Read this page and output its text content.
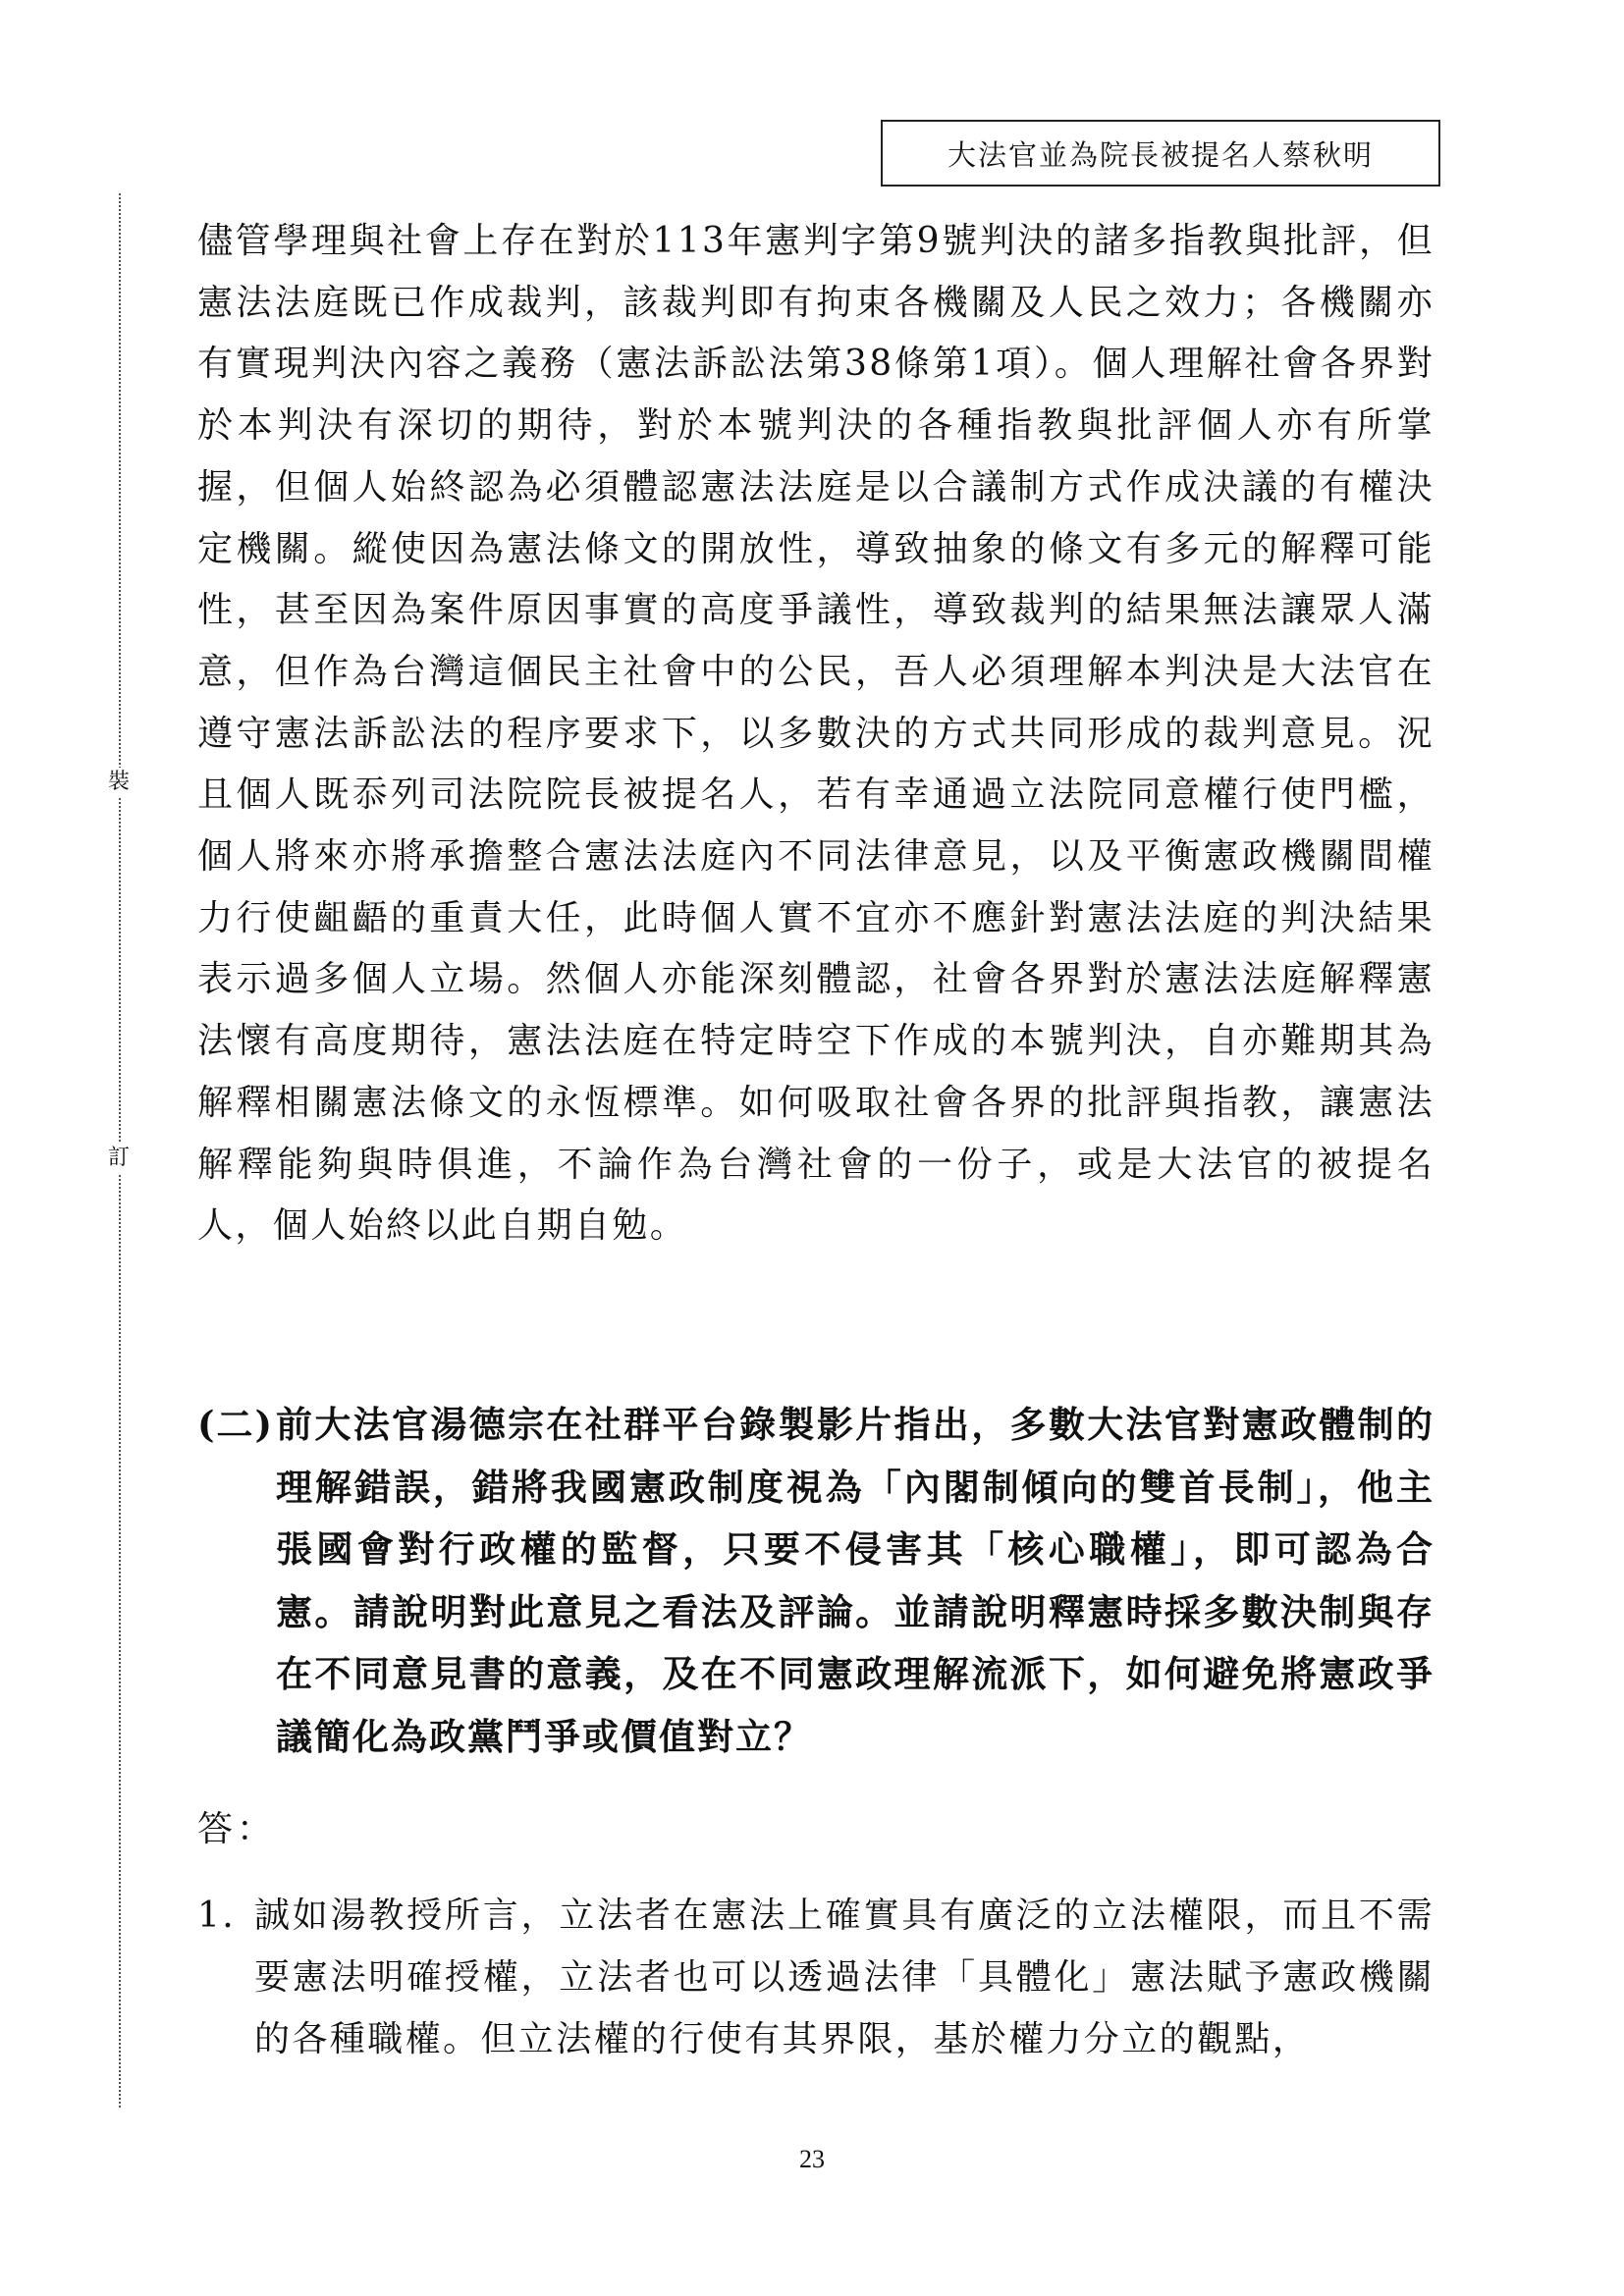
大法官並為院長被提名人蔡秋明
裝
訂

儘管學理與社會上存在對於113年憲判字第9號判決的諸多指教與批評，但憲法法庭既已作成裁判，該裁判即有拘束各機關及人民之效力；各機關亦有實現判決內容之義務（憲法訴訟法第38條第1項）。個人理解社會各界對於本判決有深切的期待，對於本號判決的各種指教與批評個人亦有所掌握，但個人始終認為必須體認憲法法庭是以合議制方式作成決議的有權決定機關。縱使因為憲法條文的開放性，導致抽象的條文有多元的解釋可能性，甚至因為案件原因事實的高度爭議性，導致裁判的結果無法讓眾人滿意，但作為台灣這個民主社會中的公民，吾人必須理解本判決是大法官在遵守憲法訴訟法的程序要求下，以多數決的方式共同形成的裁判意見。況且個人既忝列司法院院長被提名人，若有幸通過立法院同意權行使門檻，個人將來亦將承擔整合憲法法庭內不同法律意見，以及平衡憲政機關間權力行使齟齬的重責大任，此時個人實不宜亦不應針對憲法法庭的判決結果表示過多個人立場。然個人亦能深刻體認，社會各界對於憲法法庭解釋憲法懷有高度期待，憲法法庭在特定時空下作成的本號判決，自亦難期其為解釋相關憲法條文的永恆標準。如何吸取社會各界的批評與指教，讓憲法解釋能夠與時俱進，不論作為台灣社會的一份子，或是大法官的被提名人，個人始終以此自期自勉。

(二) 前大法官湯德宗在社群平台錄製影片指出，多數大法官對憲政體制的理解錯誤，錯將我國憲政制度視為「內閣制傾向的雙首長制」，他主張國會對行政權的監督，只要不侵害其「核心職權」，即可認為合憲。請說明對此意見之看法及評論。並請說明釋憲時採多數決制與存在不同意見書的意義，及在不同憲政理解流派下，如何避免將憲政爭議簡化為政黨鬥爭或價值對立？
答：
1. 誠如湯教授所言，立法者在憲法上確實具有廣泛的立法權限，而且不需要憲法明確授權，立法者也可以透過法律「具體化」憲法賦予憲政機關的各種職權。但立法權的行使有其界限，基於權力分立的觀點，
23
